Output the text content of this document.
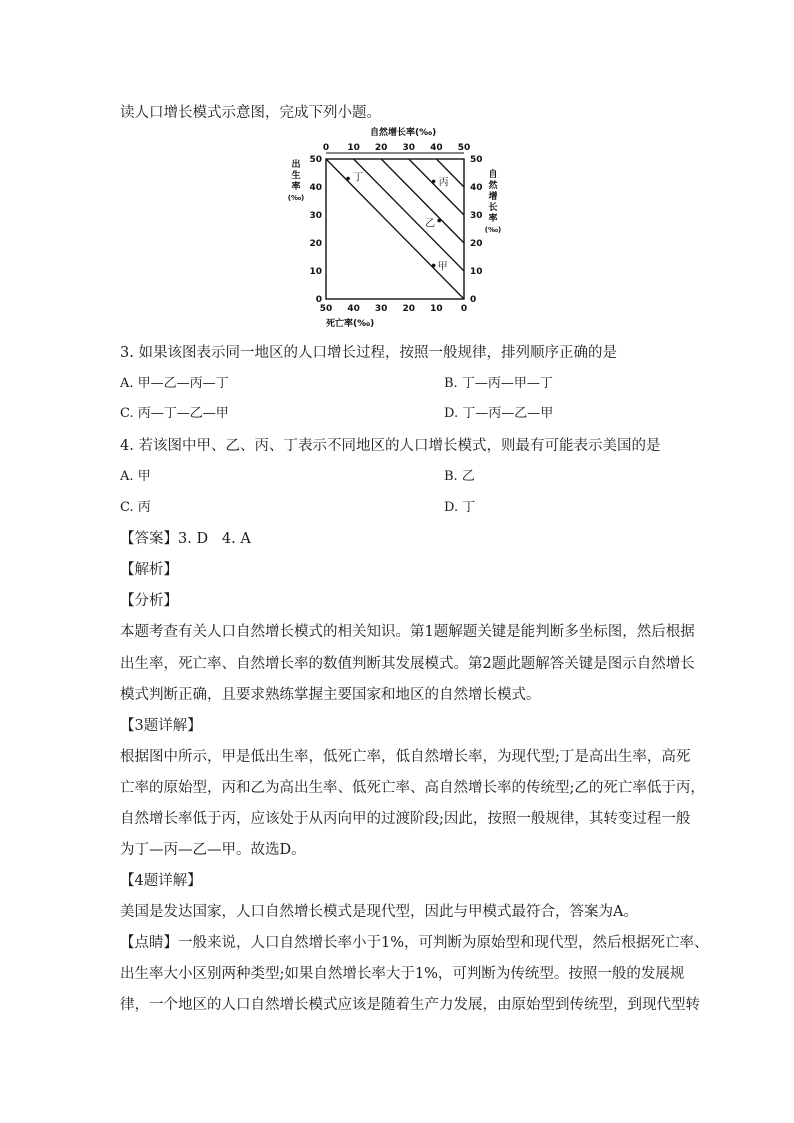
读人口增长模式示意图，完成下列小题。
自然增长率(‰)
0 10 20 30 40 50
50
40
30
20
10
0
出
生
率
(‰)
50
40
30
20
10
0
自
然
增
长
率
(‰)
50 40 30 20 10 0
死亡率(‰)
甲
乙
丙
丁
3. 如果该图表示同一地区的人口增长过程，按照一般规律，排列顺序正确的是
A. 甲—乙—丙—丁	B. 丁—丙—甲—丁
C. 丙—丁—乙—甲	D. 丁—丙—乙—甲
4. 若该图中甲、乙、丙、丁表示不同地区的人口增长模式，则最有可能表示美国的是
A. 甲	B. 乙
C. 丙	D. 丁
【答案】3. D   4. A
【解析】
【分析】
本题考查有关人口自然增长模式的相关知识。第1题解题关键是能判断多坐标图，然后根据
出生率，死亡率、自然增长率的数值判断其发展模式。第2题此题解答关键是图示自然增长
模式判断正确，且要求熟练掌握主要国家和地区的自然增长模式。
【3题详解】
根据图中所示，甲是低出生率，低死亡率，低自然增长率，为现代型;丁是高出生率，高死
亡率的原始型，丙和乙为高出生率、低死亡率、高自然增长率的传统型;乙的死亡率低于丙，
自然增长率低于丙，应该处于从丙向甲的过渡阶段;因此，按照一般规律，其转变过程一般
为丁—丙—乙—甲。故选D。
【4题详解】
美国是发达国家，人口自然增长模式是现代型，因此与甲模式最符合，答案为A。
【点睛】一般来说，人口自然增长率小于1%，可判断为原始型和现代型，然后根据死亡率、
出生率大小区别两种类型;如果自然增长率大于1%，可判断为传统型。按照一般的发展规
律，一个地区的人口自然增长模式应该是随着生产力发展，由原始型到传统型，到现代型转
